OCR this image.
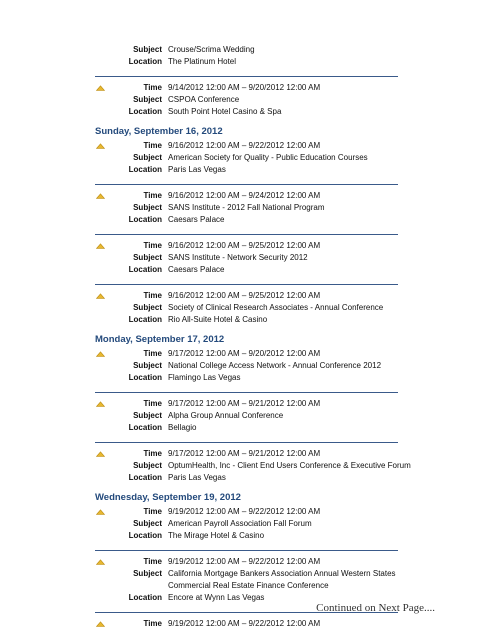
Subject Crouse/Scrima Wedding
Location The Platinum Hotel
Time 9/14/2012 12:00 AM – 9/20/2012 12:00 AM
Subject CSPOA Conference
Location South Point Hotel Casino & Spa
Sunday, September 16, 2012
Time 9/16/2012 12:00 AM – 9/22/2012 12:00 AM
Subject American Society for Quality - Public Education Courses
Location Paris Las Vegas
Time 9/16/2012 12:00 AM – 9/24/2012 12:00 AM
Subject SANS Institute - 2012 Fall National Program
Location Caesars Palace
Time 9/16/2012 12:00 AM – 9/25/2012 12:00 AM
Subject SANS Institute - Network Security 2012
Location Caesars Palace
Time 9/16/2012 12:00 AM – 9/25/2012 12:00 AM
Subject Society of Clinical Research Associates - Annual Conference
Location Rio All-Suite Hotel & Casino
Monday, September 17, 2012
Time 9/17/2012 12:00 AM – 9/20/2012 12:00 AM
Subject National College Access Network - Annual Conference 2012
Location Flamingo Las Vegas
Time 9/17/2012 12:00 AM – 9/21/2012 12:00 AM
Subject Alpha Group Annual Conference
Location Bellagio
Time 9/17/2012 12:00 AM – 9/21/2012 12:00 AM
Subject OptumHealth, Inc - Client End Users Conference & Executive Forum
Location Paris Las Vegas
Wednesday, September 19, 2012
Time 9/19/2012 12:00 AM – 9/22/2012 12:00 AM
Subject American Payroll Association Fall Forum
Location The Mirage Hotel & Casino
Time 9/19/2012 12:00 AM – 9/22/2012 12:00 AM
Subject California Mortgage Bankers Association Annual Western States
Commercial Real Estate Finance Conference
Location Encore at Wynn Las Vegas
Time 9/19/2012 12:00 AM – 9/22/2012 12:00 AM
Continued on Next Page....
